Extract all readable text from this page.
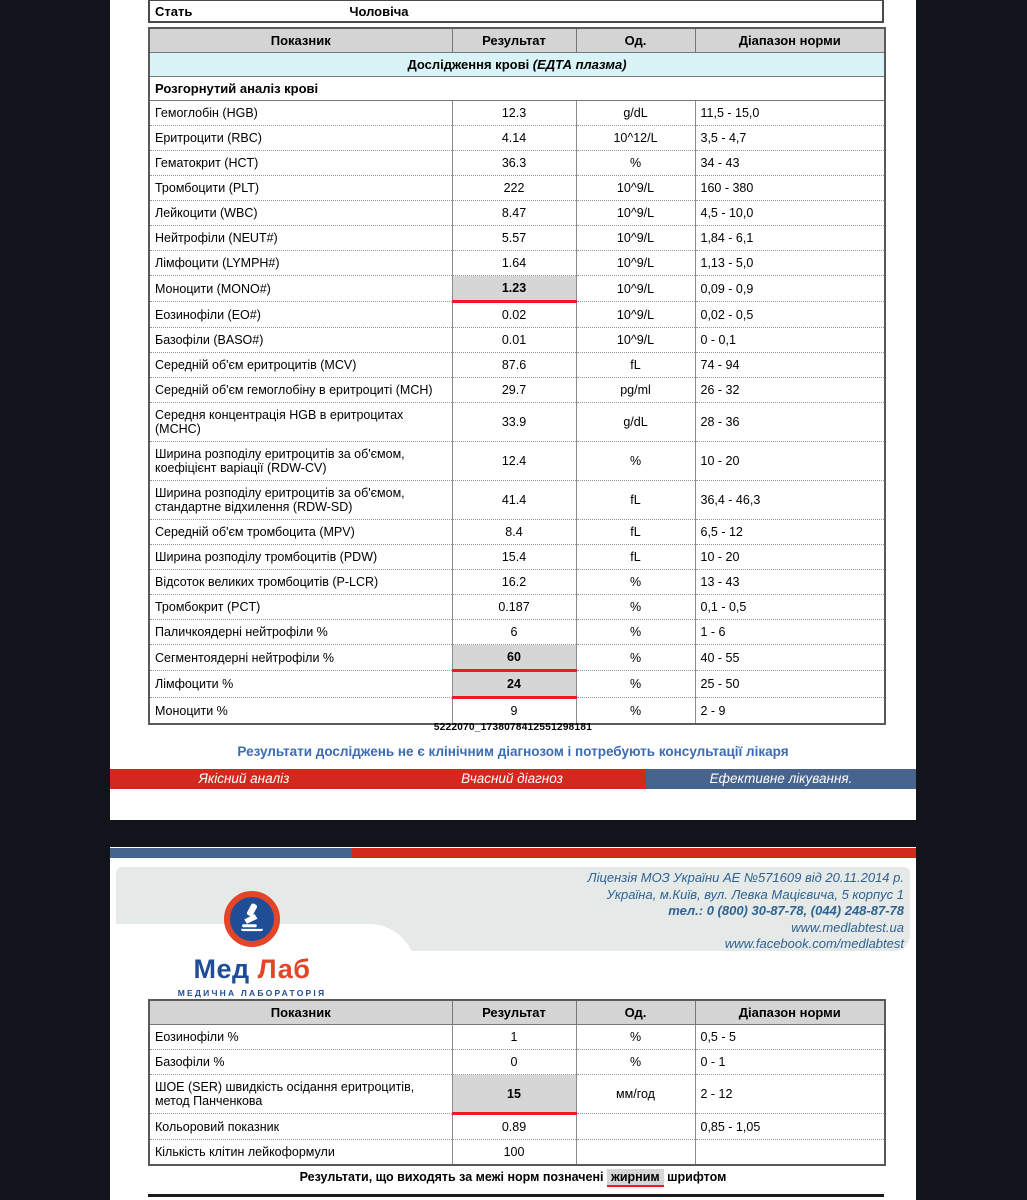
Стать	Чоловіча
Показник	Результат	Од.	Діапазон норми
Дослідження крові (ЕДТА плазма)			
Розгорнутий аналіз крові			
Гемоглобін (HGB)	12.3	g/dL	11,5 - 15,0
Еритроцити (RBC)	4.14	10^12/L	3,5 - 4,7
Гематокрит (HCT)	36.3	%	34 - 43
Тромбоцити (PLT)	222	10^9/L	160 - 380
Лейкоцити (WBC)	8.47	10^9/L	4,5 - 10,0
Нейтрофіли (NEUT#)	5.57	10^9/L	1,84 - 6,1
Лімфоцити (LYMPH#)	1.64	10^9/L	1,13 - 5,0
Моноцити (MONO#)	1.23	10^9/L	0,09 - 0,9
Еозинофіли (EO#)	0.02	10^9/L	0,02 - 0,5
Базофіли (BASO#)	0.01	10^9/L	0 - 0,1
Середній об'єм еритроцитів (MCV)	87.6	fL	74 - 94
Середній об'єм гемоглобіну в еритроциті (MCH)	29.7	pg/ml	26 - 32
Середня концентрація HGB в еритроцитах (MCHC)	33.9	g/dL	28 - 36
Ширина розподілу еритроцитів за об'ємом, коефіцієнт варіації (RDW-CV)	12.4	%	10 - 20
Ширина розподілу еритроцитів за об'ємом, стандартне відхилення (RDW-SD)	41.4	fL	36,4 - 46,3
Середній об'єм тромбоцита (MPV)	8.4	fL	6,5 - 12
Ширина розподілу тромбоцитів (PDW)	15.4	fL	10 - 20
Відсоток великих тромбоцитів (P-LCR)	16.2	%	13 - 43
Тромбокрит (PCT)	0.187	%	0,1 - 0,5
Паличкоядерні нейтрофіли %	6	%	1 - 6
Сегментоядерні нейтрофіли %	60	%	40 - 55
Лімфоцити %	24	%	25 - 50
Моноцити %	9	%	2 - 9
5222070_1738078412551298181
Результати досліджень не є клінічним діагнозом і потребують консультації лікаря
Якісний аналіз	Вчасний діагноз	Ефективне лікування.
Ліцензія МОЗ України АЕ №571609 від 20.11.2014 р.
Україна, м.Київ, вул. Левка Мацієвича, 5 корпус 1
тел.: 0 (800) 30-87-78, (044) 248-87-78
www.medlabtest.ua
www.facebook.com/medlabtest
Мед Лаб
МЕДИЧНА ЛАБОРАТОРІЯ
Показник	Результат	Од.	Діапазон норми
Еозинофіли %	1	%	0,5 - 5
Базофіли %	0	%	0 - 1
ШОЕ (SER) швидкість осідання еритроцитів, метод Панченкова	15	мм/год	2 - 12
Кольоровий показник	0.89		0,85 - 1,05
Кількість клітин лейкоформули	100		
Результати, що виходять за межі норм позначені жирним шрифтом
